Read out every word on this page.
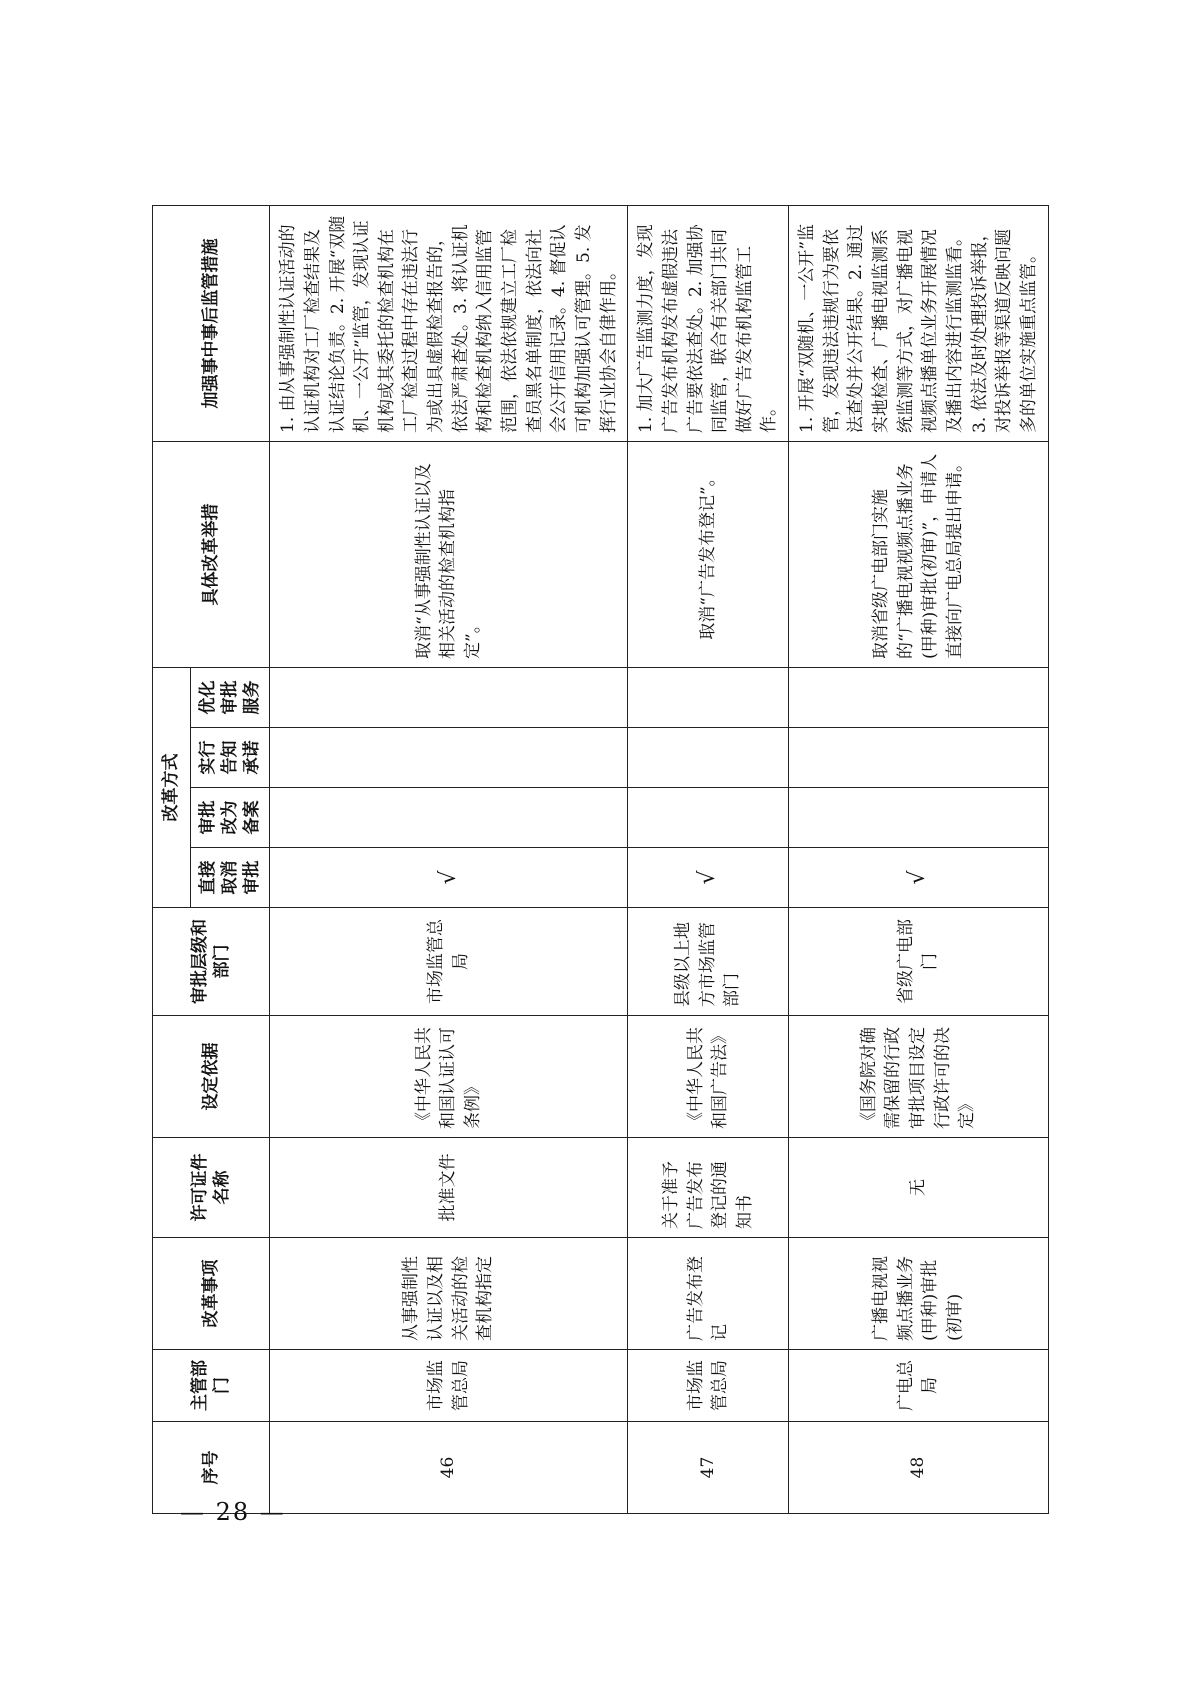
序号	主管部门	改革事项	许可证件名称	设定依据	审批层级和部门	改革方式				具体改革举措	加强事中事后监管措施
						直接取消审批	审批改为备案	实行告知承诺	优化审批服务		
46	市场监管总局	从事强制性认证以及相关活动的检查机构指定	批准文件	《中华人民共和国认证认可条例》	市场监管总局	√				取消“从事强制性认证以及相关活动的检查机构指定”。	1. 由从事强制性认证活动的认证机构对工厂检查结果及认证结论负责。2. 开展“双随机、一公开”监管，发现认证机构或其委托的检查机构在工厂检查过程中存在违法行为或出具虚假检查报告的，依法严肃查处。3. 将认证机构和检查机构纳入信用监管范围，依法依规建立工厂检查员黑名单制度，依法向社会公开信用记录。4. 督促认可机构加强认可管理。5. 发挥行业协会自律作用。
47	市场监管总局	广告发布登记	关于准予广告发布登记的通知书	《中华人民共和国广告法》	县级以上地方市场监管部门	√				取消“广告发布登记”。	1. 加大广告监测力度，发现广告发布机构发布虚假违法广告要依法查处。2. 加强协同监管，联合有关部门共同做好广告发布机构监管工作。
48	广电总局	广播电视视频点播业务(甲种)审批(初审)	无	《国务院对确需保留的行政审批项目设定行政许可的决定》	省级广电部门	√				取消省级广电部门实施的“广播电视视频点播业务(甲种)审批(初审)”，申请人直接向广电总局提出申请。	1. 开展“双随机、一公开”监管，发现违法违规行为要依法查处并公开结果。2. 通过实地检查、广播电视监测系统监测等方式，对广播电视视频点播单位业务开展情况及播出内容进行监测监看。3. 依法及时处理投诉举报，对投诉举报等渠道反映问题多的单位实施重点监管。
— 28 —
